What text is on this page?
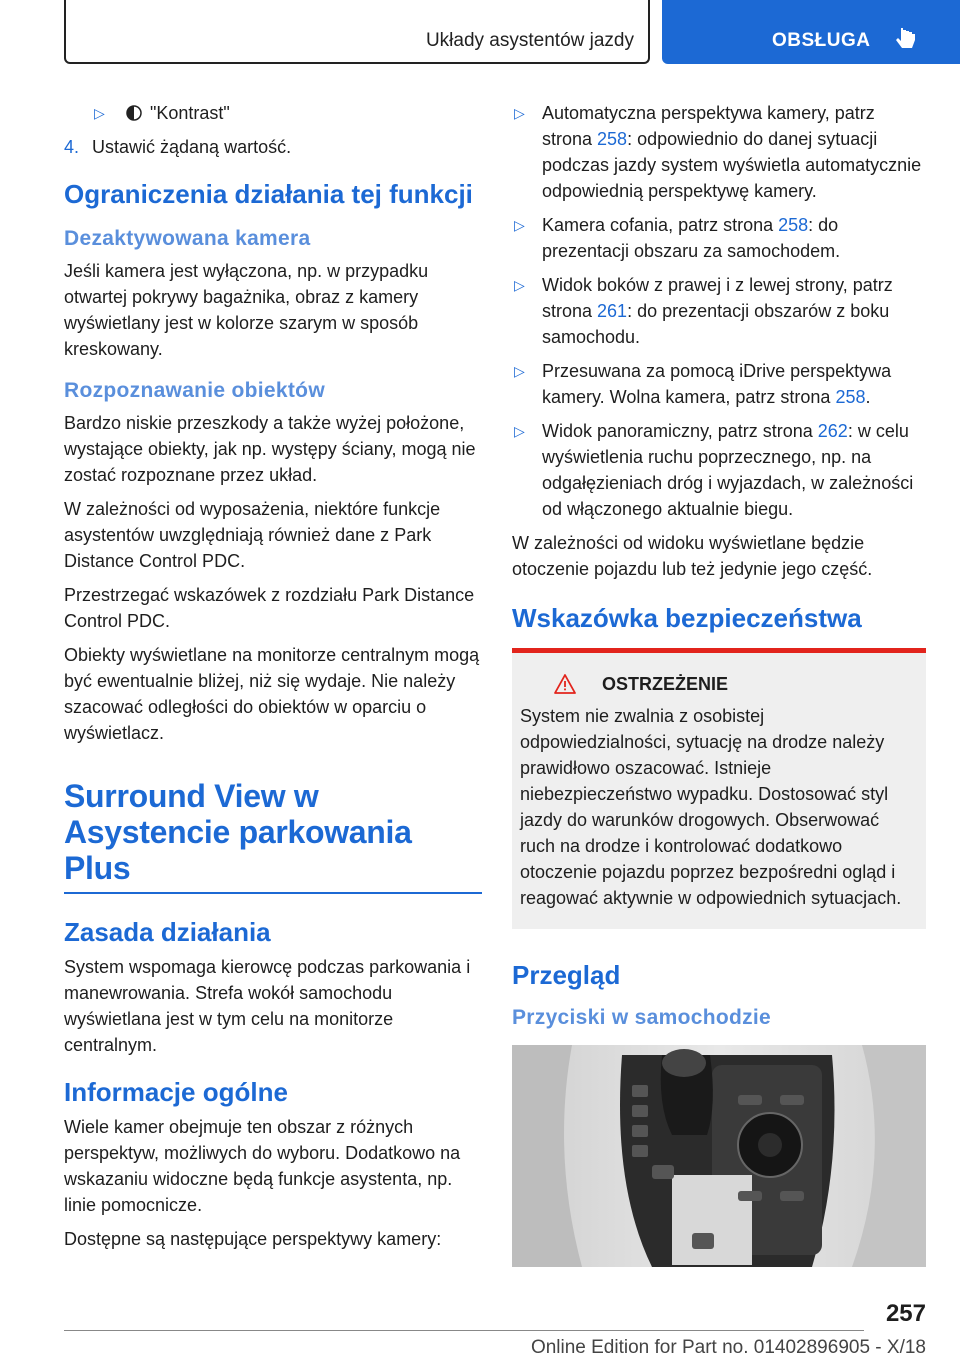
Układy asystentów jazdy	OBSŁUGA
▷	"Kontrast"
4. Ustawić żądaną wartość.
Ograniczenia działania tej funkcji
Dezaktywowana kamera

Jeśli kamera jest wyłączona, np. w przypadku otwartej pokrywy bagażnika, obraz z kamery wyświetlany jest w kolorze szarym w sposób kreskowany.

Rozpoznawanie obiektów

Bardzo niskie przeszkody a także wyżej położone, wystające obiekty, jak np. występy ściany, mogą nie zostać rozpoznane przez układ.

W zależności od wyposażenia, niektóre funkcje asystentów uwzględniają również dane z Park Distance Control PDC.

Przestrzegać wskazówek z rozdziału Park Distance Control PDC.

Obiekty wyświetlane na monitorze centralnym mogą być ewentualnie bliżej, niż się wydaje. Nie należy szacować odległości do obiektów w oparciu o wyświetlacz.

Surround View w Asystencie parkowania Plus
Zasada działania

System wspomaga kierowcę podczas parkowania i manewrowania. Strefa wokół samochodu wyświetlana jest w tym celu na monitorze centralnym.

Informacje ogólne

Wiele kamer obejmuje ten obszar z różnych perspektyw, możliwych do wyboru. Dodatkowo na wskazaniu widoczne będą funkcje asystenta, np. linie pomocnicze.

Dostępne są następujące perspektywy kamery:

▷ Automatyczna perspektywa kamery, patrz strona 258: odpowiednio do danej sytuacji podczas jazdy system wyświetla automatycznie odpowiednią perspektywę kamery.
▷ Kamera cofania, patrz strona 258: do prezentacji obszaru za samochodem.
▷ Widok boków z prawej i z lewej strony, patrz strona 261: do prezentacji obszarów z boku samochodu.
▷ Przesuwana za pomocą iDrive perspektywa kamery. Wolna kamera, patrz strona 258.
▷ Widok panoramiczny, patrz strona 262: w celu wyświetlenia ruchu poprzecznego, np. na odgałęzieniach dróg i wyjazdach, w zależności od włączonego aktualnie biegu.

W zależności od widoku wyświetlane będzie otoczenie pojazdu lub też jedynie jego część.

Wskazówka bezpieczeństwa
OSTRZEŻENIE
System nie zwalnia z osobistej odpowiedzialności, sytuację na drodze należy prawidłowo oszacować. Istnieje niebezpieczeństwo wypadku. Dostosować styl jazdy do warunków drogowych. Obserwować ruch na drodze i kontrolować dodatkowo otoczenie pojazdu poprzez bezpośredni ogląd i reagować aktywnie w odpowiednich sytuacjach.
Przegląd
Przyciski w samochodzie
257
Online Edition for Part no. 01402896905 - X/18
